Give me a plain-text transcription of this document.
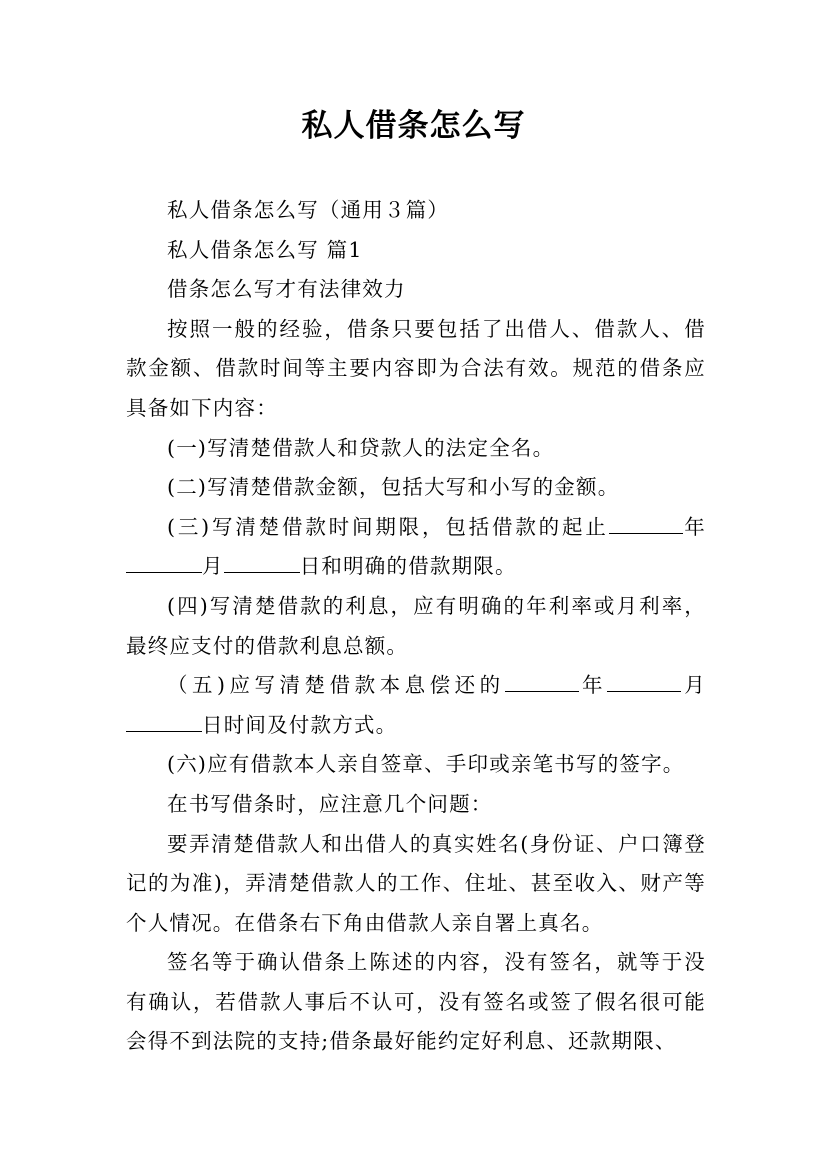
私人借条怎么写

私人借条怎么写（通用３篇）

私人借条怎么写 篇1

借条怎么写才有法律效力

按照一般的经验，借条只要包括了出借人、借款人、借款金额、借款时间等主要内容即为合法有效。规范的借条应具备如下内容：

(一)写清楚借款人和贷款人的法定全名。

(二)写清楚借款金额，包括大写和小写的金额。

(三)写清楚借款时间期限，包括借款的起止	年月	日和明确的借款期限。

(四)写清楚借款的利息，应有明确的年利率或月利率，最终应支付的借款利息总额。

（五)应写清楚借款本息偿还的	年	月日时间及付款方式。

(六)应有借款本人亲自签章、手印或亲笔书写的签字。

在书写借条时，应注意几个问题：

要弄清楚借款人和出借人的真实姓名(身份证、户口簿登记的为准)，弄清楚借款人的工作、住址、甚至收入、财产等个人情况。在借条右下角由借款人亲自署上真名。

签名等于确认借条上陈述的内容，没有签名，就等于没有确认，若借款人事后不认可，没有签名或签了假名很可能会得不到法院的支持;借条最好能约定好利息、还款期限、
